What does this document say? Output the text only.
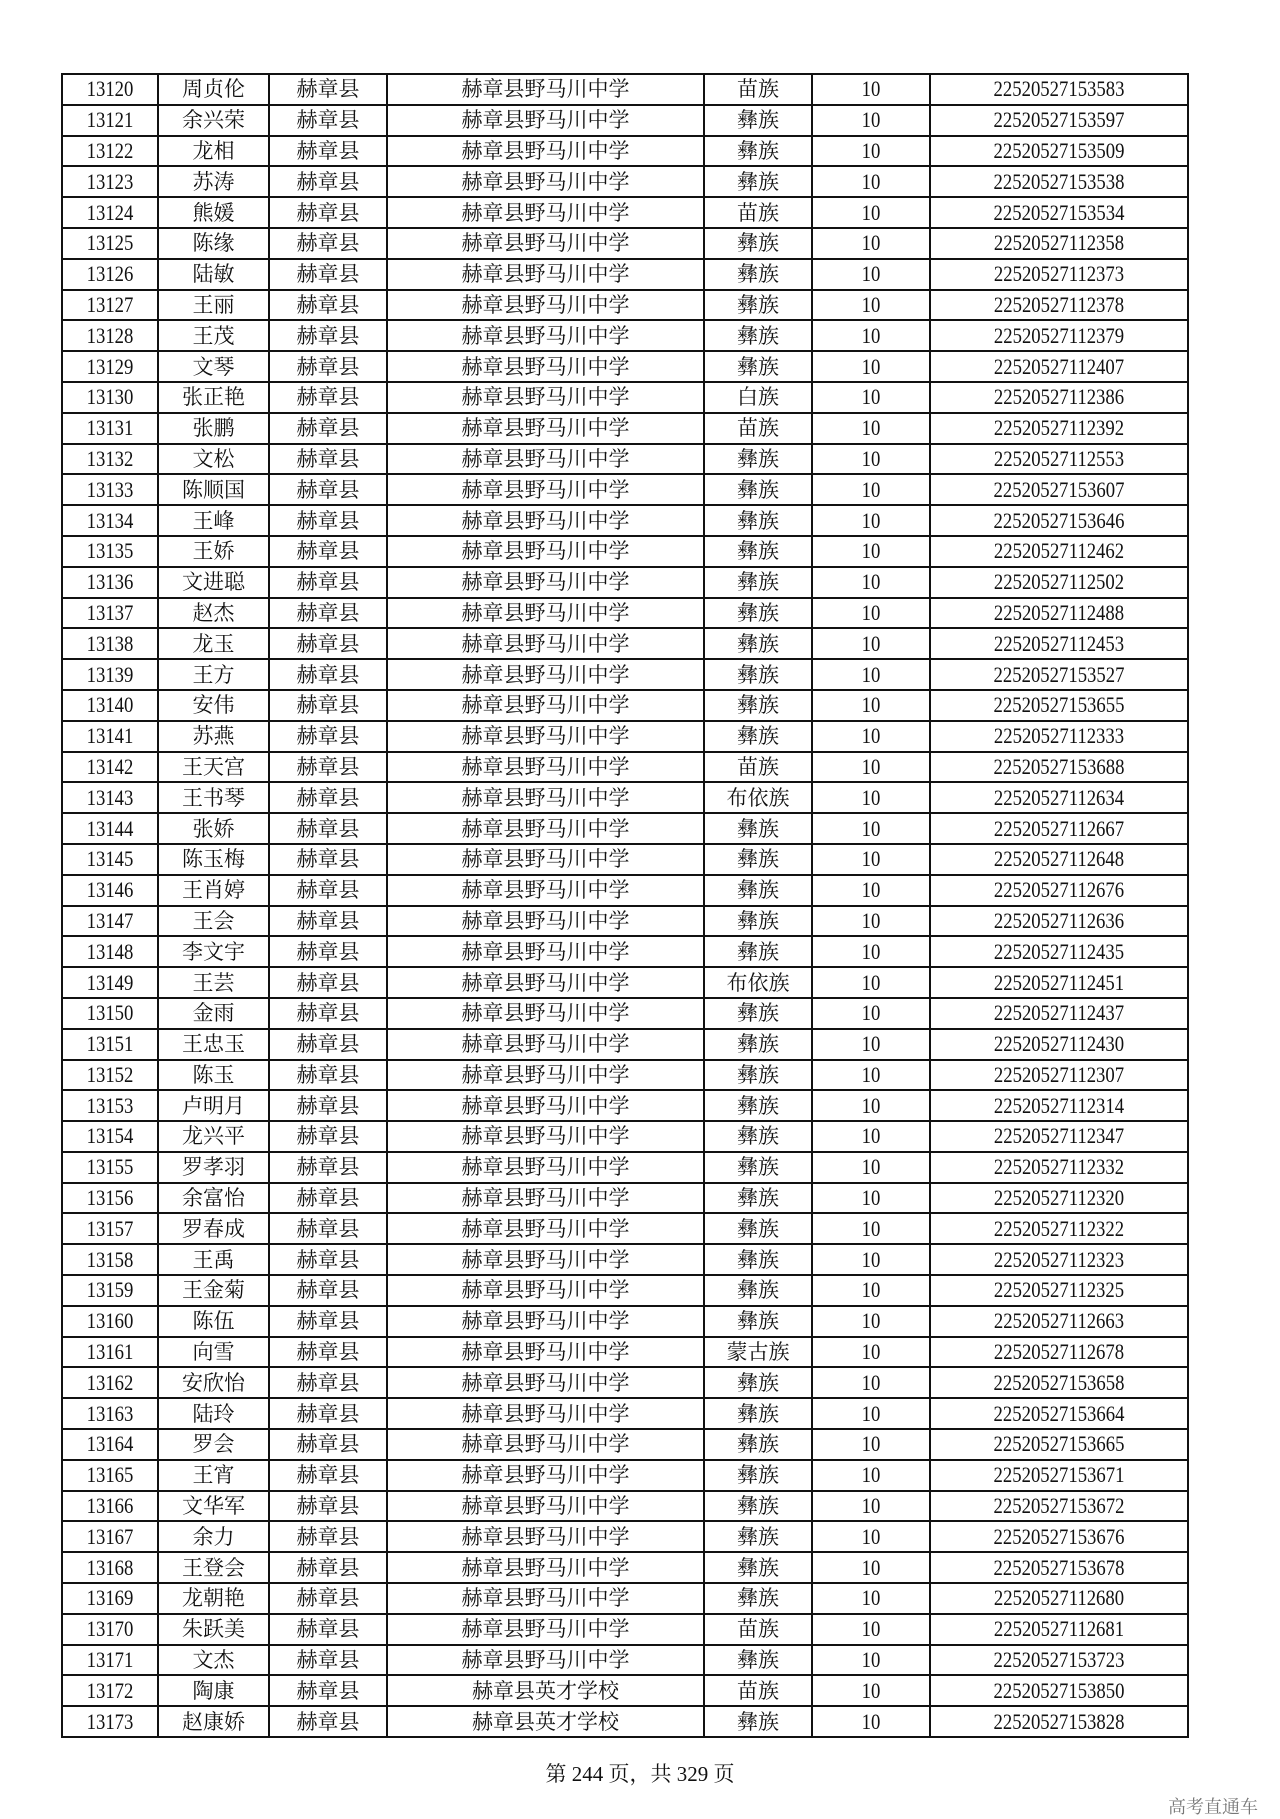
13120	周贞伦	赫章县	赫章县野马川中学	苗族	10	22520527153583
13121	余兴荣	赫章县	赫章县野马川中学	彝族	10	22520527153597
13122	龙相	赫章县	赫章县野马川中学	彝族	10	22520527153509
13123	苏涛	赫章县	赫章县野马川中学	彝族	10	22520527153538
13124	熊媛	赫章县	赫章县野马川中学	苗族	10	22520527153534
13125	陈缘	赫章县	赫章县野马川中学	彝族	10	22520527112358
13126	陆敏	赫章县	赫章县野马川中学	彝族	10	22520527112373
13127	王丽	赫章县	赫章县野马川中学	彝族	10	22520527112378
13128	王茂	赫章县	赫章县野马川中学	彝族	10	22520527112379
13129	文琴	赫章县	赫章县野马川中学	彝族	10	22520527112407
13130	张正艳	赫章县	赫章县野马川中学	白族	10	22520527112386
13131	张鹏	赫章县	赫章县野马川中学	苗族	10	22520527112392
13132	文松	赫章县	赫章县野马川中学	彝族	10	22520527112553
13133	陈顺国	赫章县	赫章县野马川中学	彝族	10	22520527153607
13134	王峰	赫章县	赫章县野马川中学	彝族	10	22520527153646
13135	王娇	赫章县	赫章县野马川中学	彝族	10	22520527112462
13136	文进聪	赫章县	赫章县野马川中学	彝族	10	22520527112502
13137	赵杰	赫章县	赫章县野马川中学	彝族	10	22520527112488
13138	龙玉	赫章县	赫章县野马川中学	彝族	10	22520527112453
13139	王方	赫章县	赫章县野马川中学	彝族	10	22520527153527
13140	安伟	赫章县	赫章县野马川中学	彝族	10	22520527153655
13141	苏燕	赫章县	赫章县野马川中学	彝族	10	22520527112333
13142	王天宫	赫章县	赫章县野马川中学	苗族	10	22520527153688
13143	王书琴	赫章县	赫章县野马川中学	布依族	10	22520527112634
13144	张娇	赫章县	赫章县野马川中学	彝族	10	22520527112667
13145	陈玉梅	赫章县	赫章县野马川中学	彝族	10	22520527112648
13146	王肖婷	赫章县	赫章县野马川中学	彝族	10	22520527112676
13147	王会	赫章县	赫章县野马川中学	彝族	10	22520527112636
13148	李文宇	赫章县	赫章县野马川中学	彝族	10	22520527112435
13149	王芸	赫章县	赫章县野马川中学	布依族	10	22520527112451
13150	金雨	赫章县	赫章县野马川中学	彝族	10	22520527112437
13151	王忠玉	赫章县	赫章县野马川中学	彝族	10	22520527112430
13152	陈玉	赫章县	赫章县野马川中学	彝族	10	22520527112307
13153	卢明月	赫章县	赫章县野马川中学	彝族	10	22520527112314
13154	龙兴平	赫章县	赫章县野马川中学	彝族	10	22520527112347
13155	罗孝羽	赫章县	赫章县野马川中学	彝族	10	22520527112332
13156	余富怡	赫章县	赫章县野马川中学	彝族	10	22520527112320
13157	罗春成	赫章县	赫章县野马川中学	彝族	10	22520527112322
13158	王禹	赫章县	赫章县野马川中学	彝族	10	22520527112323
13159	王金菊	赫章县	赫章县野马川中学	彝族	10	22520527112325
13160	陈伍	赫章县	赫章县野马川中学	彝族	10	22520527112663
13161	向雪	赫章县	赫章县野马川中学	蒙古族	10	22520527112678
13162	安欣怡	赫章县	赫章县野马川中学	彝族	10	22520527153658
13163	陆玲	赫章县	赫章县野马川中学	彝族	10	22520527153664
13164	罗会	赫章县	赫章县野马川中学	彝族	10	22520527153665
13165	王宵	赫章县	赫章县野马川中学	彝族	10	22520527153671
13166	文华军	赫章县	赫章县野马川中学	彝族	10	22520527153672
13167	余力	赫章县	赫章县野马川中学	彝族	10	22520527153676
13168	王登会	赫章县	赫章县野马川中学	彝族	10	22520527153678
13169	龙朝艳	赫章县	赫章县野马川中学	彝族	10	22520527112680
13170	朱跃美	赫章县	赫章县野马川中学	苗族	10	22520527112681
13171	文杰	赫章县	赫章县野马川中学	彝族	10	22520527153723
13172	陶康	赫章县	赫章县英才学校	苗族	10	22520527153850
13173	赵康娇	赫章县	赫章县英才学校	彝族	10	22520527153828
第 244 页，共 329 页
高考直通车
